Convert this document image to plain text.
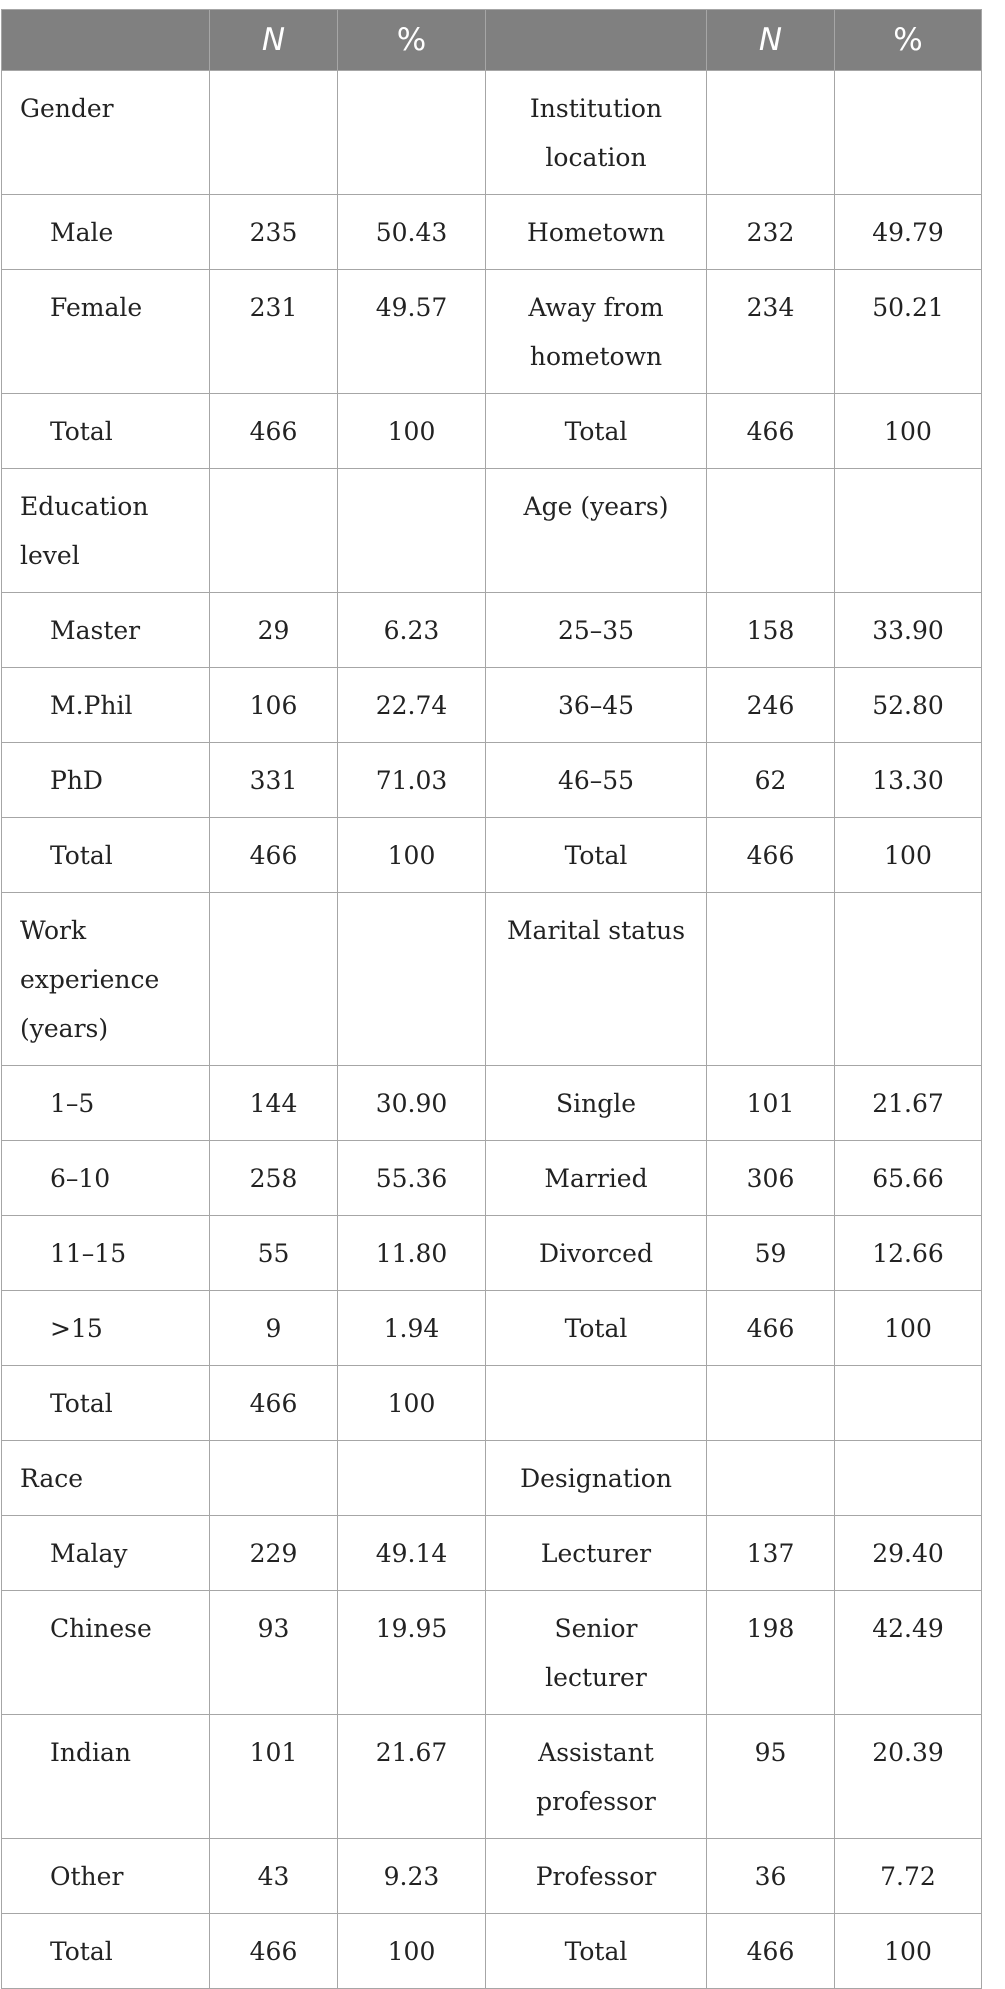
	N	%		N	%
Gender			Institution location		
Male	235	50.43	Hometown	232	49.79
Female	231	49.57	Away from hometown	234	50.21
Total	466	100	Total	466	100
Education level			Age (years)		
Master	29	6.23	25–35	158	33.90
M.Phil	106	22.74	36–45	246	52.80
PhD	331	71.03	46–55	62	13.30
Total	466	100	Total	466	100
Work experience (years)			Marital status		
1–5	144	30.90	Single	101	21.67
6–10	258	55.36	Married	306	65.66
11–15	55	11.80	Divorced	59	12.66
>15	9	1.94	Total	466	100
Total	466	100			
Race			Designation		
Malay	229	49.14	Lecturer	137	29.40
Chinese	93	19.95	Senior lecturer	198	42.49
Indian	101	21.67	Assistant professor	95	20.39
Other	43	9.23	Professor	36	7.72
Total	466	100	Total	466	100
